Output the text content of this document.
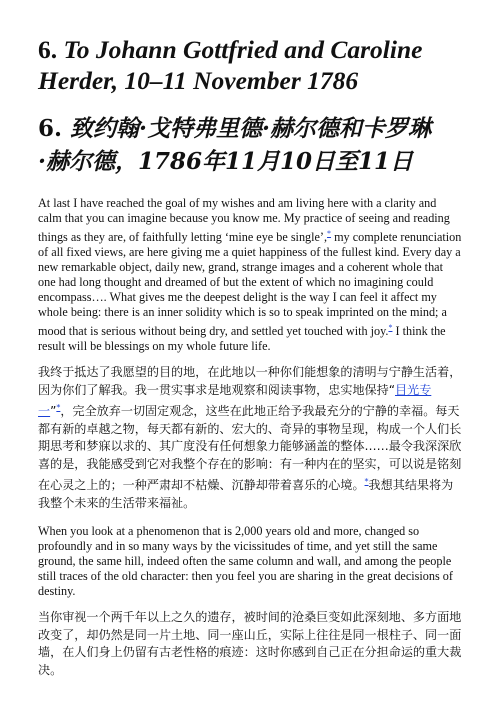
6. To Johann Gottfried and Caroline
Herder, 10–11 November 1786
6. 致约翰·戈特弗里德·赫尔德和卡罗琳
·赫尔德，1786年11月10日至11日

At last I have reached the goal of my wishes and am living here with a clarity and calm that you can imagine because you know me. My practice of seeing and reading things as they are, of faithfully letting ‘mine eye be single’,* my complete renunciation of all fixed views, are here giving me a quiet happiness of the fullest kind. Every day a new remarkable object, daily new, grand, strange images and a coherent whole that one had long thought and dreamed of but the extent of which no imagining could encompass…. What gives me the deepest delight is the way I can feel it affect my whole being: there is an inner solidity which is so to speak imprinted on the mind; a mood that is serious without being dry, and settled yet touched with joy.* I think the result will be blessings on my whole future life.

我终于抵达了我愿望的目的地，在此地以一种你们能想象的清明与宁静生活着，因为你们了解我。我一贯实事求是地观察和阅读事物，忠实地保持“目光专一”*，完全放弃一切固定观念，这些在此地正给予我最充分的宁静的幸福。每天都有新的卓越之物，每天都有新的、宏大的、奇异的事物呈现，构成一个人们长期思考和梦寐以求的、其广度没有任何想象力能够涵盖的整体……最令我深深欣喜的是，我能感受到它对我整个存在的影响：有一种内在的坚实，可以说是铭刻在心灵之上的；一种严肃却不枯燥、沉静却带着喜乐的心境。*我想其结果将为我整个未来的生活带来福祉。

When you look at a phenomenon that is 2,000 years old and more, changed so profoundly and in so many ways by the vicissitudes of time, and yet still the same ground, the same hill, indeed often the same column and wall, and among the people still traces of the old character: then you feel you are sharing in the great decisions of destiny.

当你审视一个两千年以上之久的遗存，被时间的沧桑巨变如此深刻地、多方面地改变了，却仍然是同一片土地、同一座山丘，实际上往往是同一根柱子、同一面墙，在人们身上仍留有古老性格的痕迹：这时你感到自己正在分担命运的重大裁决。
